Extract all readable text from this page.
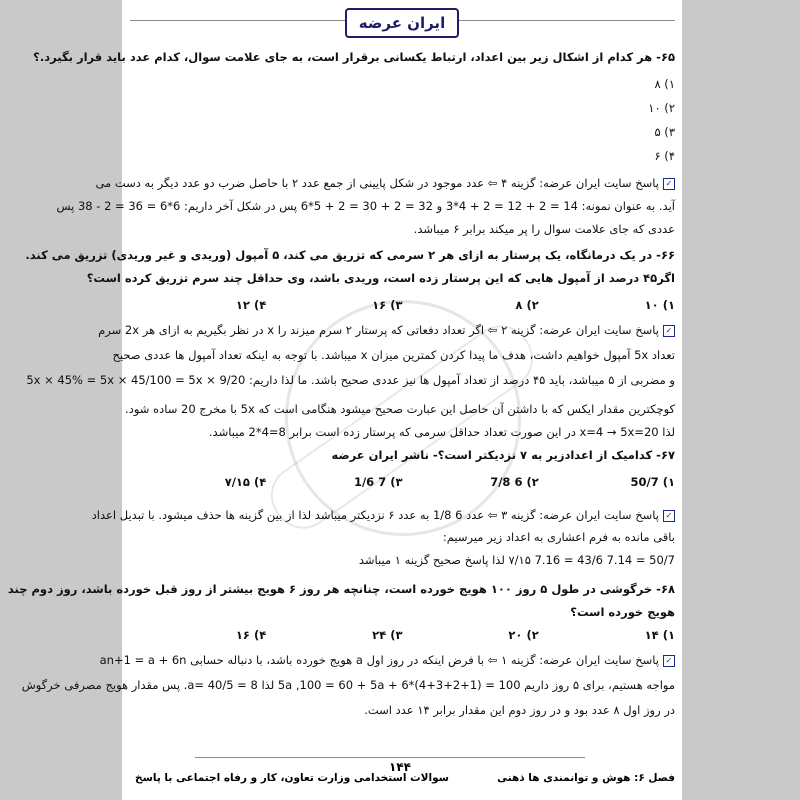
ایران عرضه
۶۵- هر کدام از اشکال زیر بین اعداد، ارتباط یکسانی برقرار است، به جای علامت سوال، کدام عدد باید قرار بگیرد.؟
۱) ۸
۲) ۱۰
۳) ۵
۴) ۶
✓پاسخ سایت ایران عرضه: گزینه ۴ ⇦ عدد موجود در شکل پایینی از جمع عدد ۲ با حاصل ضرب دو عدد دیگر به دست می
آید. به عنوان نمونه: 14 = 2 + 12 = 2 + 4*3 و 32 = 2 + 30 = 2 + 5*6 پس در شکل آخر داریم: 6*6 = 36 = 2 - 38 پس
عددی که جای علامت سوال را پر میکند برابر ۶ میباشد.
۶۶- در یک درمانگاه، یک پرستار به ازای هر ۲ سرمی که تزریق می کند، ۵ آمپول (وریدی و غیر وریدی) تزریق می کند.
اگر۴۵ درصد از آمپول هایی که این پرستار زده است، وریدی باشد، وی حداقل چند سرم تزریق کرده است؟
۱) ۱۰
۲) ۸
۳) ۱۶
۴) ۱۲
✓پاسخ سایت ایران عرضه: گزینه ۲ ⇦ اگر تعداد دفعاتی که پرستار ۲ سرم میزند را x در نظر بگیریم به ازای هر 2x سرم
تعداد 5x آمپول خواهیم داشت، هدف ما پیدا کردن کمترین میزان x میباشد. با توجه به اینکه تعداد آمپول ها عددی صحیح
و مضربی از ۵ میباشد، باید ۴۵ درصد از تعداد آمپول ها نیز عددی صحیح باشد. ما لذا داریم: 5x × 45% = 5x × 45/100 = 5x × 9/20
کوچکترین مقدار ایکس که با داشتن آن حاصل این عبارت صحیح میشود هنگامی است که 5x با مخرج 20 ساده شود.
لذا x=4 → 5x=20 در این صورت تعداد حداقل سرمی که پرستار زده است برابر 8=4*2 میباشد.
۶۷- کدامیک از اعدادزیر به ۷ نزدیکتر است؟- ناشر ایران عرضه
۱) 50/7
۲) 6 7/8
۳) 7 1/6
۴) ۷/۱۵
✓پاسخ سایت ایران عرضه: گزینه ۳ ⇦ عدد 6 1/8 به عدد ۶ نزدیکتر میباشد لذا از بین گزینه ها حذف میشود. با تبدیل اعداد
باقی مانده به فرم اعشاری به اعداد زیر میرسیم:
50/7 = 7.14 43/6 = 7.16 ۷/۱۵ لذا پاسخ صحیح گزینه ۱ میباشد
۶۸- خرگوشی در طول ۵ روز ۱۰۰ هویج خورده است، چنانچه هر روز ۶ هویج بیشتر از روز قبل خورده باشد، روز دوم چند
هویج خورده است؟
۱) ۱۴
۲) ۲۰
۳) ۲۴
۴) ۱۶
✓پاسخ سایت ایران عرضه: گزینه ۱ ⇦ با فرض اینکه در روز اول a هویج خورده باشد، با دنباله حسابی an+1 = a + 6n
مواجه هستیم، برای ۵ روز داریم 100 = (1+2+3+4)*6 + 5a ,100 = 60 + 5a لذا 8 = 40/5 =a. پس مقدار هویج مصرفی خرگوش
در روز اول ۸ عدد بود و در روز دوم این مقدار برابر ۱۴ عدد است.
۱۴۴
فصل ۶: هوش و توانمندی ها ذهنی
سوالات استخدامی وزارت تعاون، کار و رفاه اجتماعی با پاسخ
